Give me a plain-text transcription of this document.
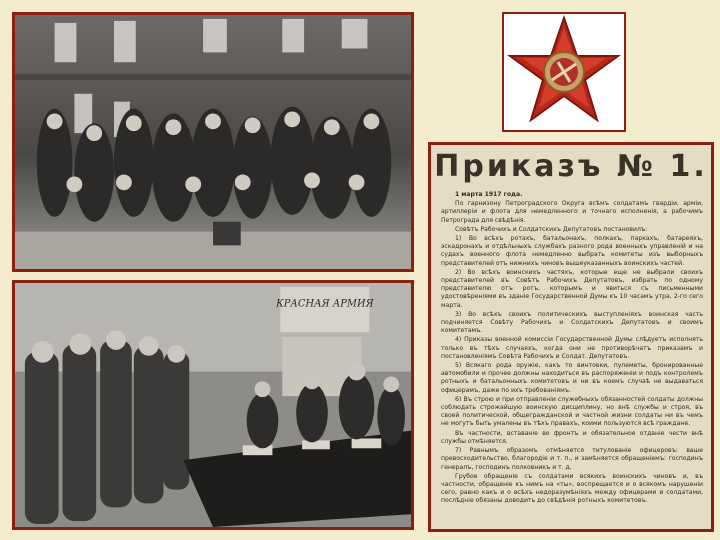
КРАСНАЯ АРМИЯ
Приказъ № 1.

1 марта 1917 года.

По гарнизону Петроградского Округа всѣмъ солдатамъ гвардіи, арміи, артиллеріи и флота для немедленного и точнаго исполненія, а рабочимъ Петрограда для свѣдѣнія.

Совѣтъ Рабочихъ и Солдатскихъ Депутатовъ постановилъ:

1) Во всѣхъ ротахъ, батальонахъ, полкахъ, паркахъ, батареяхъ, эскадронахъ и отдѣльныхъ службахъ разного рода военныхъ управленій и на судахъ военного флота немедленно выбрать комитеты изъ выборныхъ представителей отъ нижнихъ чиновъ вышеуказанныхъ воинскихъ частей.

2) Во всѣхъ воинскихъ частяхъ, которые еще не выбрали своихъ представителей въ Совѣтъ Рабочихъ Депутатовъ, избрать по одному представителю отъ ротъ, которымъ и явиться съ письменными удостовѣреніями въ зданіе Государственной Думы къ 10 часамъ утра, 2-го сего марта.

3) Во всѣхъ своихъ политическихъ выступленіяхъ воинская часть подчиняется Совѣту Рабочихъ и Солдатскихъ Депутатовъ и своимъ комитетамъ.

4) Приказы военной комиссіи Государственной Думы слѣдуетъ исполнять только въ тѣхъ случаяхъ, когда они не противорѣчатъ приказамъ и постановленіямъ Совѣта Рабочихъ и Солдат. Депутатовъ.

5) Всякаго рода оружіе, какъ то винтовки, пулеметы, бронированные автомобили и прочее должны находиться въ распоряженіи и подъ контролемъ ротныхъ и батальонныхъ комитетовъ и ни въ коемъ случаѣ не выдаваться офицерамъ, даже по ихъ требованіямъ.

6) Въ строю и при отправленіи служебныхъ обязанностей солдаты должны соблюдать строжайшую воинскую дисциплину, но внѣ службы и строя, въ своей политической, общегражданской и частной жизни солдаты ни въ чемъ не могутъ быть умалены въ тѣхъ правахъ, коими пользуются всѣ граждане.

Въ частности, вставаніе во фронтъ и обязательное отданіе чести внѣ службы отмѣняется.

7) Равнымъ образомъ отмѣняется титулованіе офицеровъ: ваше превосходительство, благородіе и т. п., и замѣняется обращеніемъ: господинъ генералъ, господинъ полковникъ и т. д.

Грубое обращеніе съ солдатами всякихъ воинскихъ чиновъ и, въ частности, обращеніе къ нимъ на «ты», воспрещается и о всякомъ нарушеніи сего, равно какъ и о всѣхъ недоразумѣніяхъ между офицерами и солдатами, послѣдніе обязаны доводить до свѣдѣнія ротныхъ комитетовъ.
